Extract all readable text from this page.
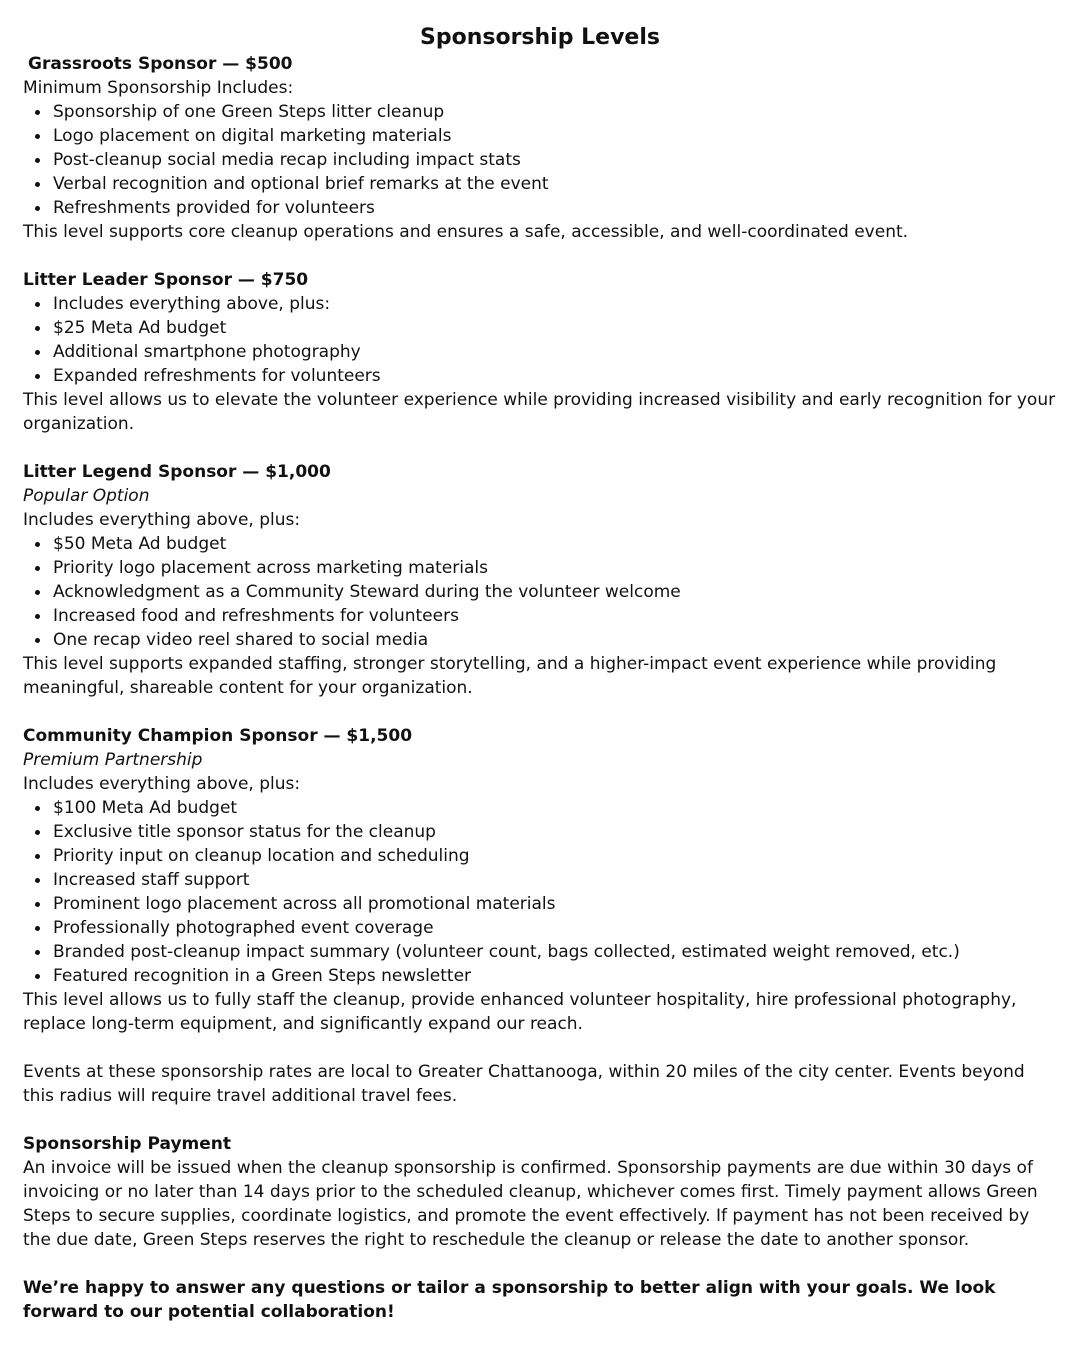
Sponsorship Levels

Grassroots Sponsor — $500

Minimum Sponsorship Includes:

Sponsorship of one Green Steps litter cleanup
Logo placement on digital marketing materials
Post-cleanup social media recap including impact stats
Verbal recognition and optional brief remarks at the event
Refreshments provided for volunteers

This level supports core cleanup operations and ensures a safe, accessible, and well-coordinated event.

Litter Leader Sponsor — $750

Includes everything above, plus:
$25 Meta Ad budget
Additional smartphone photography
Expanded refreshments for volunteers

This level allows us to elevate the volunteer experience while providing increased visibility and early recognition for your organization.

Litter Legend Sponsor — $1,000

Popular Option

Includes everything above, plus:

$50 Meta Ad budget
Priority logo placement across marketing materials
Acknowledgment as a Community Steward during the volunteer welcome
Increased food and refreshments for volunteers
One recap video reel shared to social media

This level supports expanded staffing, stronger storytelling, and a higher-impact event experience while providing meaningful, shareable content for your organization.

Community Champion Sponsor — $1,500

Premium Partnership

Includes everything above, plus:

$100 Meta Ad budget
Exclusive title sponsor status for the cleanup
Priority input on cleanup location and scheduling
Increased staff support
Prominent logo placement across all promotional materials
Professionally photographed event coverage
Branded post-cleanup impact summary (volunteer count, bags collected, estimated weight removed, etc.)
Featured recognition in a Green Steps newsletter

This level allows us to fully staff the cleanup, provide enhanced volunteer hospitality, hire professional photography, replace long-term equipment, and significantly expand our reach.

Events at these sponsorship rates are local to Greater Chattanooga, within 20 miles of the city center. Events beyond this radius will require travel additional travel fees.

Sponsorship Payment

An invoice will be issued when the cleanup sponsorship is confirmed. Sponsorship payments are due within 30 days of invoicing or no later than 14 days prior to the scheduled cleanup, whichever comes first. Timely payment allows Green Steps to secure supplies, coordinate logistics, and promote the event effectively. If payment has not been received by the due date, Green Steps reserves the right to reschedule the cleanup or release the date to another sponsor.

We’re happy to answer any questions or tailor a sponsorship to better align with your goals. We look forward to our potential collaboration!
